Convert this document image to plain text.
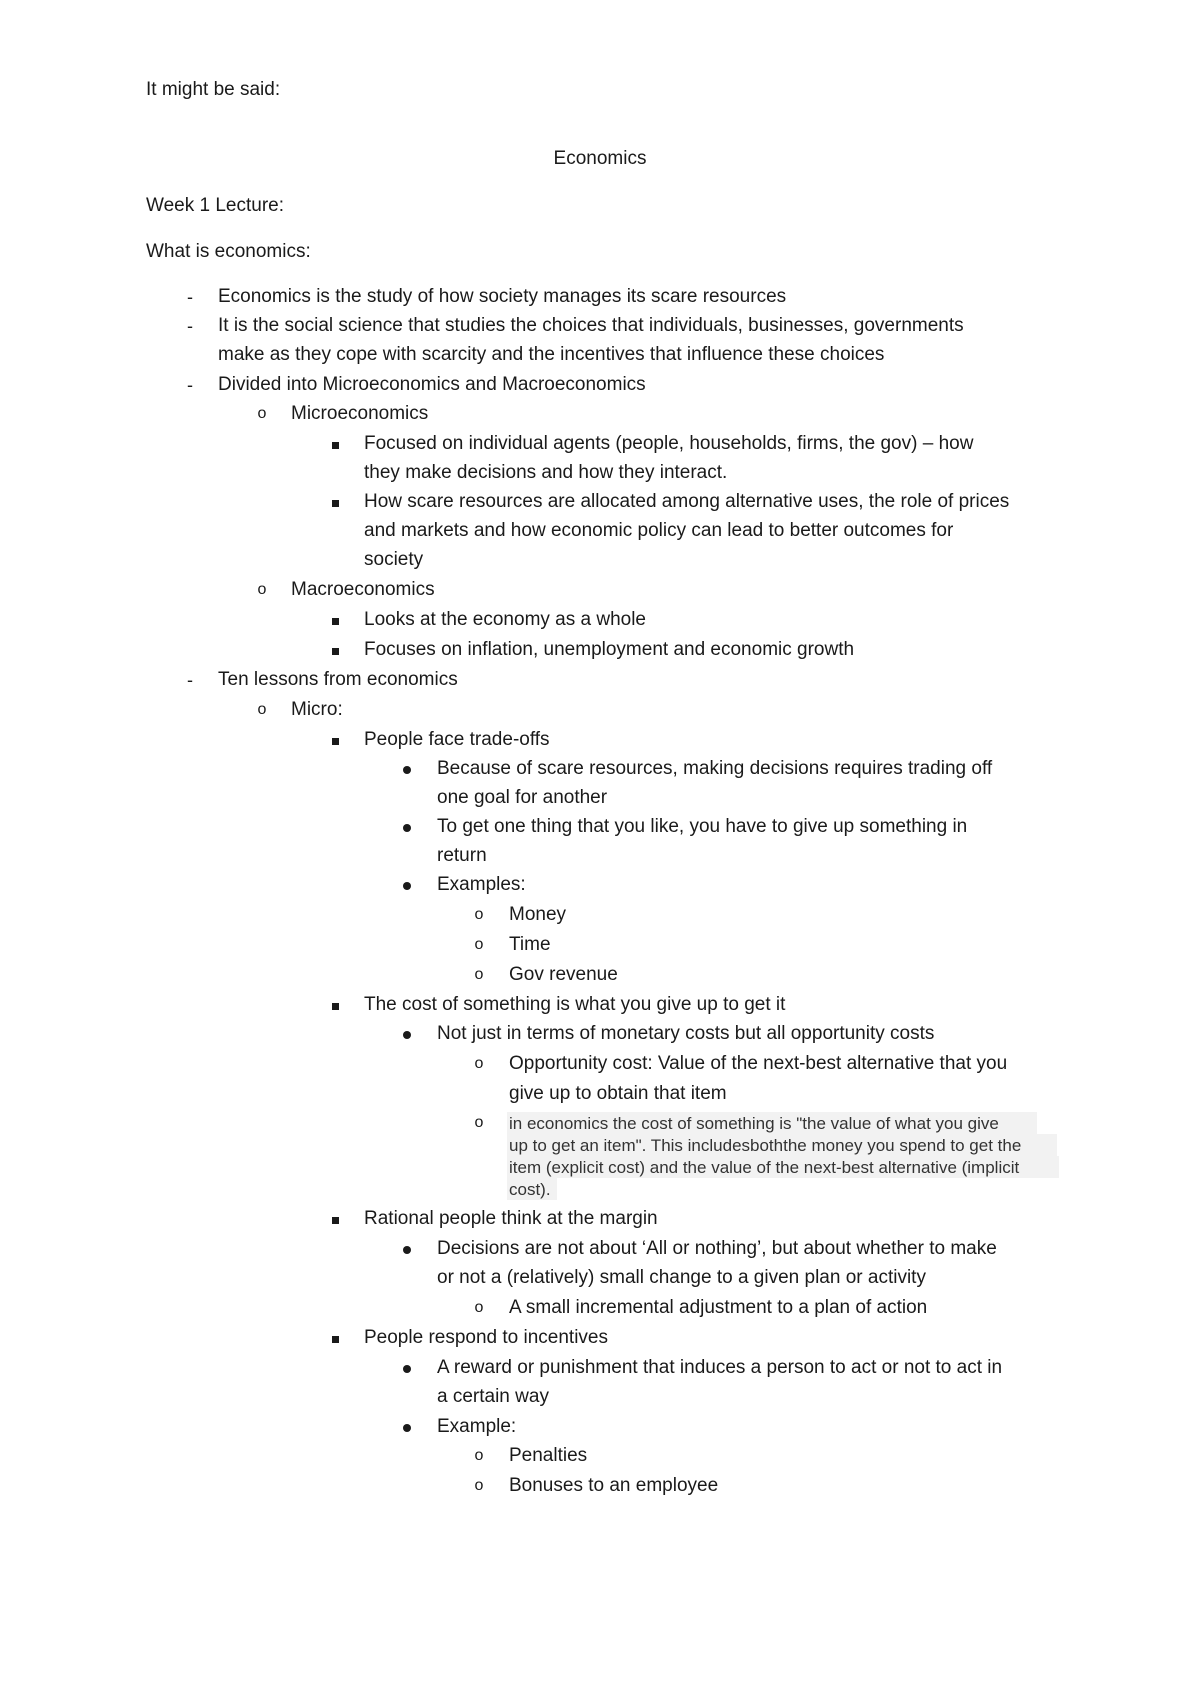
It might be said:
Economics
Week 1 Lecture:
What is economics:
-	Economics is the study of how society manages its scare resources
-	It is the social science that studies the choices that individuals, businesses, governments
make as they cope with scarcity and the incentives that influence these choices
-	Divided into Microeconomics and Macroeconomics
o Microeconomics
Focused on individual agents (people, households, firms, the gov) – how
they make decisions and how they interact.
How scare resources are allocated among alternative uses, the role of prices
and markets and how economic policy can lead to better outcomes for
society
o Macroeconomics
Looks at the economy as a whole
Focuses on inflation, unemployment and economic growth
-	Ten lessons from economics
o Micro:
People face trade-offs
Because of scare resources, making decisions requires trading off
one goal for another
To get one thing that you like, you have to give up something in
return
Examples:
o Money
o Time
o Gov revenue
The cost of something is what you give up to get it
Not just in terms of monetary costs but all opportunity costs
o Opportunity cost: Value of the next-best alternative that you
give up to obtain that item
o	in economics the cost of something is "the value of what you give
up to get an item". This includesboththe money you spend to get the
item (explicit cost) and the value of the next-best alternative (implicit
cost).
Rational people think at the margin
Decisions are not about ‘All or nothing’, but about whether to make
or not a (relatively) small change to a given plan or activity
o A small incremental adjustment to a plan of action
People respond to incentives
A reward or punishment that induces a person to act or not to act in
a certain way
Example:
o Penalties
o Bonuses to an employee
